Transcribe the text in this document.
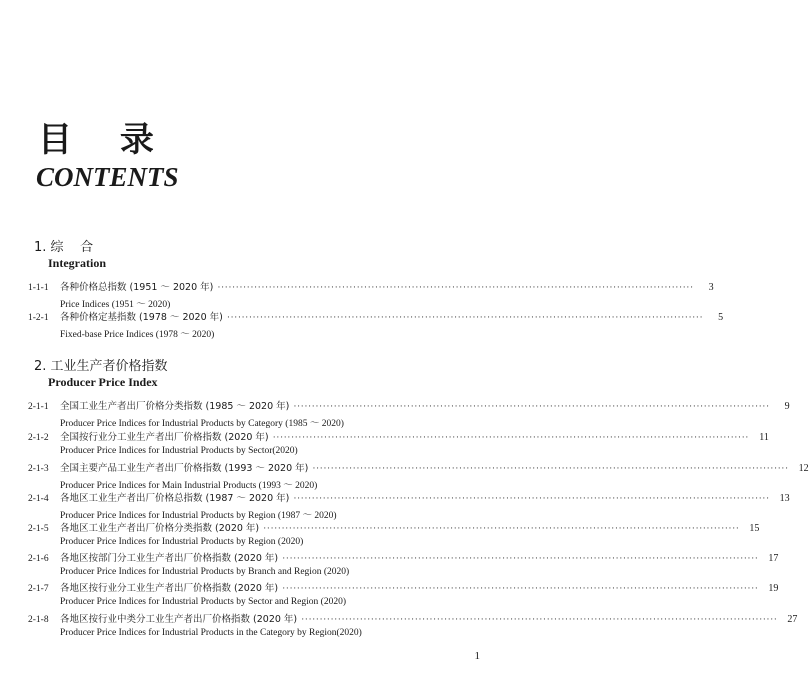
目 录
CONTENTS
1. 综    合
Integration
1-1-1	各种价格总指数 (1951 ～ 2020 年) ··································································································································	3
Price Indices (1951 ～ 2020)
1-2-1	各种价格定基指数 (1978 ～ 2020 年) ··································································································································	5
Fixed-base Price Indices (1978 ～ 2020)
2. 工业生产者价格指数
Producer Price Index
2-1-1	全国工业生产者出厂价格分类指数 (1985 ～ 2020 年) ··································································································································	9
Producer Price Indices for Industrial Products by Category (1985 ～ 2020)
2-1-2	全国按行业分工业生产者出厂价格指数 (2020 年) ··································································································································	11
Producer Price Indices for Industrial Products by Sector(2020)
2-1-3	全国主要产品工业生产者出厂价格指数 (1993 ～ 2020 年) ··································································································································	12
Producer Price Indices for Main Industrial Products (1993 ～ 2020)
2-1-4	各地区工业生产者出厂价格总指数 (1987 ～ 2020 年) ··································································································································	13
Producer Price Indices for Industrial Products by Region (1987 ～ 2020)
2-1-5	各地区工业生产者出厂价格分类指数 (2020 年) ··································································································································	15
Producer Price Indices for Industrial Products by Region (2020)
2-1-6	各地区按部门分工业生产者出厂价格指数 (2020 年) ··································································································································	17
Producer Price Indices for Industrial Products by Branch and Region (2020)
2-1-7	各地区按行业分工业生产者出厂价格指数 (2020 年) ··································································································································	19
Producer Price Indices for Industrial Products by Sector and Region (2020)
2-1-8	各地区按行业中类分工业生产者出厂价格指数 (2020 年) ··································································································································	27
Producer Price Indices for Industrial Products in the Category by Region(2020)
1
